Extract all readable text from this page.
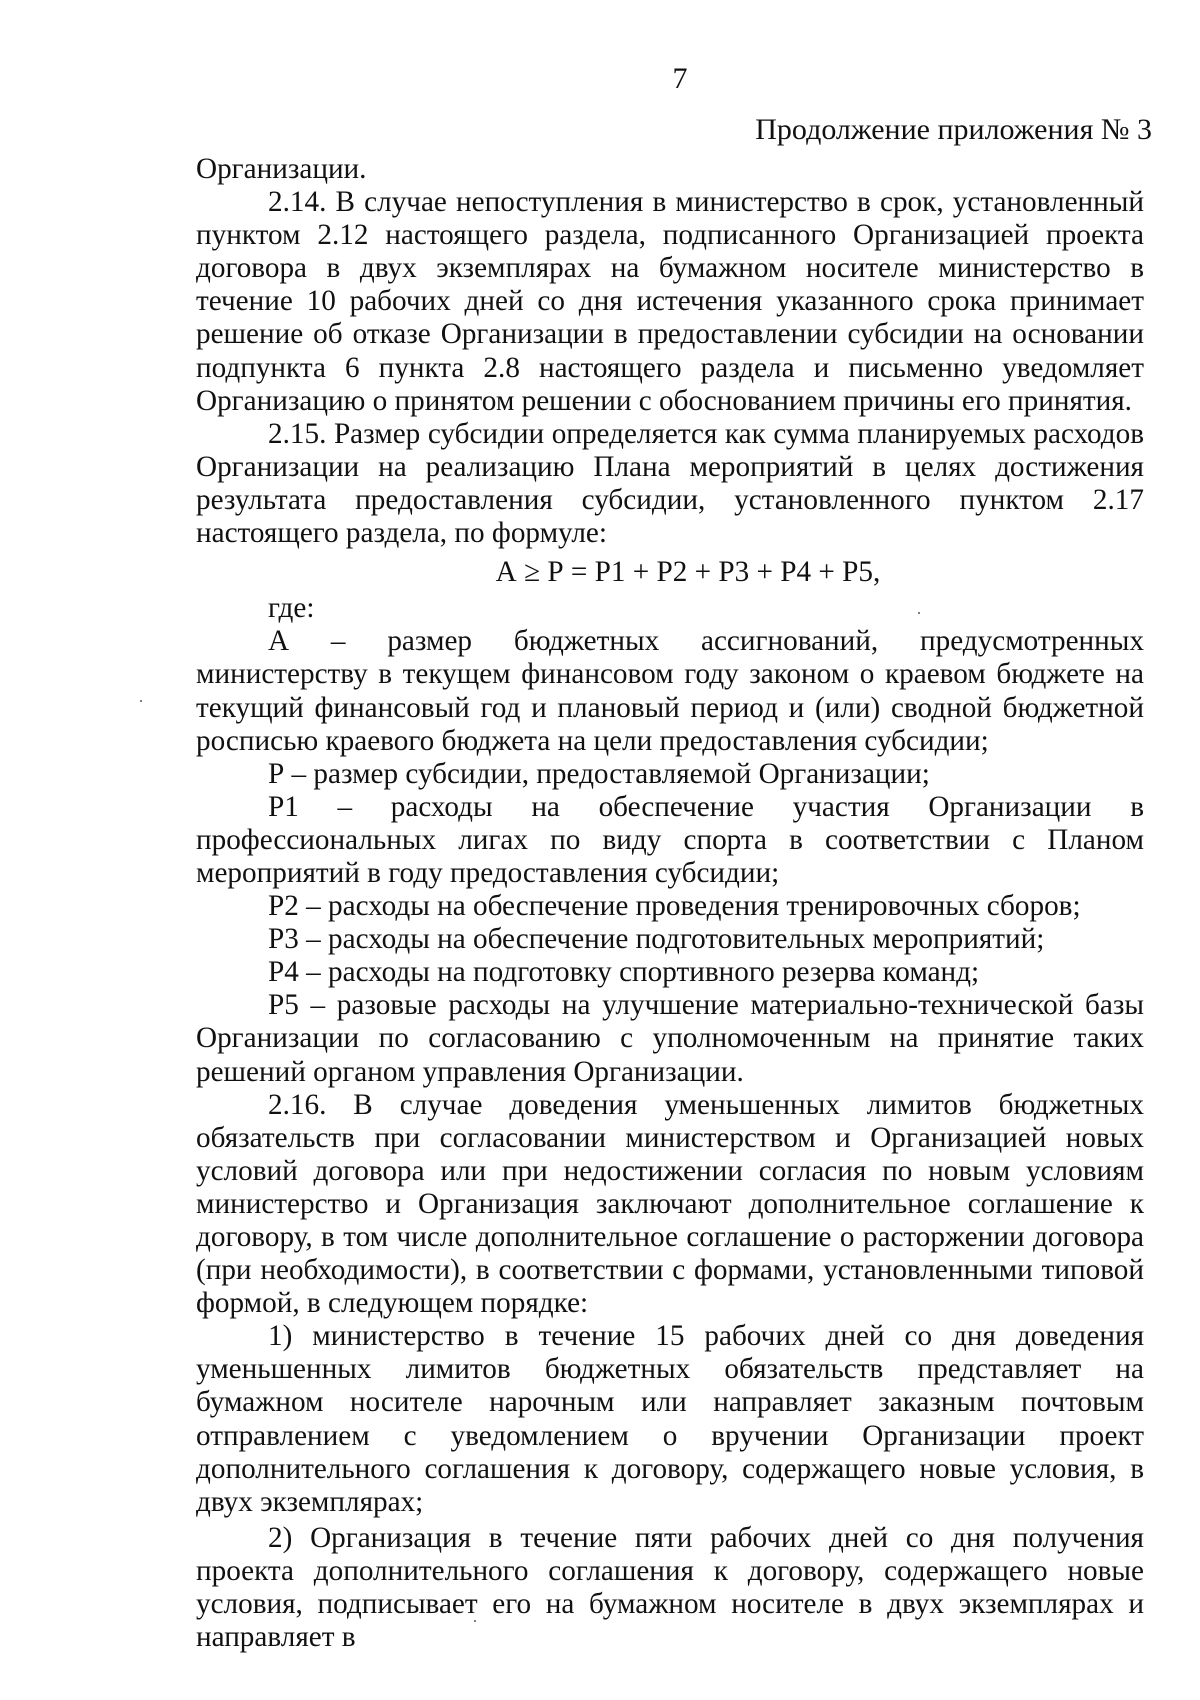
7

Продолжение приложения № 3

Организации.

2.14. В случае непоступления в министерство в срок, установленный пунктом 2.12 настоящего раздела, подписанного Организацией проекта договора в двух экземплярах на бумажном носителе министерство в течение 10 рабочих дней со дня истечения указанного срока принимает решение об отказе Организации в предоставлении субсидии на основании подпункта 6 пункта 2.8 настоящего раздела и письменно уведомляет Организацию о принятом решении с обоснованием причины его принятия.

2.15. Размер субсидии определяется как сумма планируемых расходов Организации на реализацию Плана мероприятий в целях достижения результата предоставления субсидии, установленного пунктом 2.17 настоящего раздела, по формуле:

А ≥ Р = Р1 + Р2 + Р3 + Р4 + Р5,

где:

А – размер бюджетных ассигнований, предусмотренных министерству в текущем финансовом году законом о краевом бюджете на текущий финансовый год и плановый период и (или) сводной бюджетной росписью краевого бюджета на цели предоставления субсидии;

Р – размер субсидии, предоставляемой Организации;

Р1 – расходы на обеспечение участия Организации в профессиональных лигах по виду спорта в соответствии с Планом мероприятий в году предоставления субсидии;

Р2 – расходы на обеспечение проведения тренировочных сборов;

Р3 – расходы на обеспечение подготовительных мероприятий;

Р4 – расходы на подготовку спортивного резерва команд;

Р5 – разовые расходы на улучшение материально-технической базы Организации по согласованию с уполномоченным на принятие таких решений органом управления Организации.

2.16. В случае доведения уменьшенных лимитов бюджетных обязательств при согласовании министерством и Организацией новых условий договора или при недостижении согласия по новым условиям министерство и Организация заключают дополнительное соглашение к договору, в том числе дополнительное соглашение о расторжении договора (при необходимости), в соответствии с формами, установленными типовой формой, в следующем порядке:

1) министерство в течение 15 рабочих дней со дня доведения уменьшенных лимитов бюджетных обязательств представляет на бумажном носителе нарочным или направляет заказным почтовым отправлением с уведомлением о вручении Организации проект дополнительного соглашения к договору, содержащего новые условия, в двух экземплярах;

2) Организация в течение пяти рабочих дней со дня получения проекта дополнительного соглашения к договору, содержащего новые условия, подписывает его на бумажном носителе в двух экземплярах и направляет в
